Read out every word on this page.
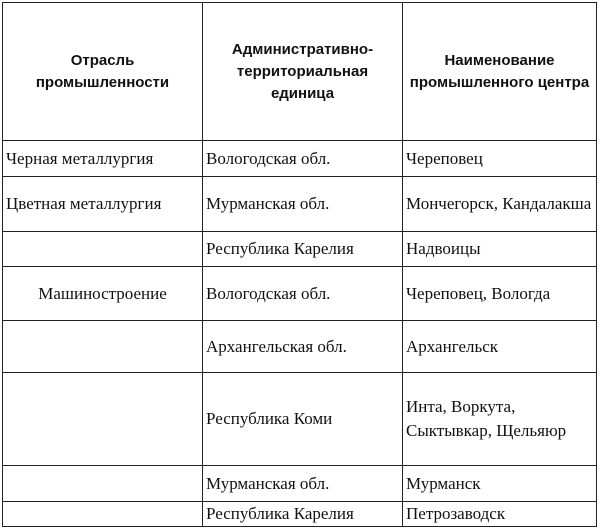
Отрасль промышленности	Административно-территориальная единица	Наименование промышленного центра
Черная металлургия	Вологодская обл.	Череповец
Цветная металлургия	Мурманская обл.	Мончегорск, Кандалакша
	Республика Карелия	Надвоицы
Машиностроение	Вологодская обл.	Череповец, Вологда
	Архангельская обл.	Архангельск
	Республика Коми	Инта, Воркута, Сыктывкар, Щельяюр
	Мурманская обл.	Мурманск
	Республика Карелия	Петрозаводск
